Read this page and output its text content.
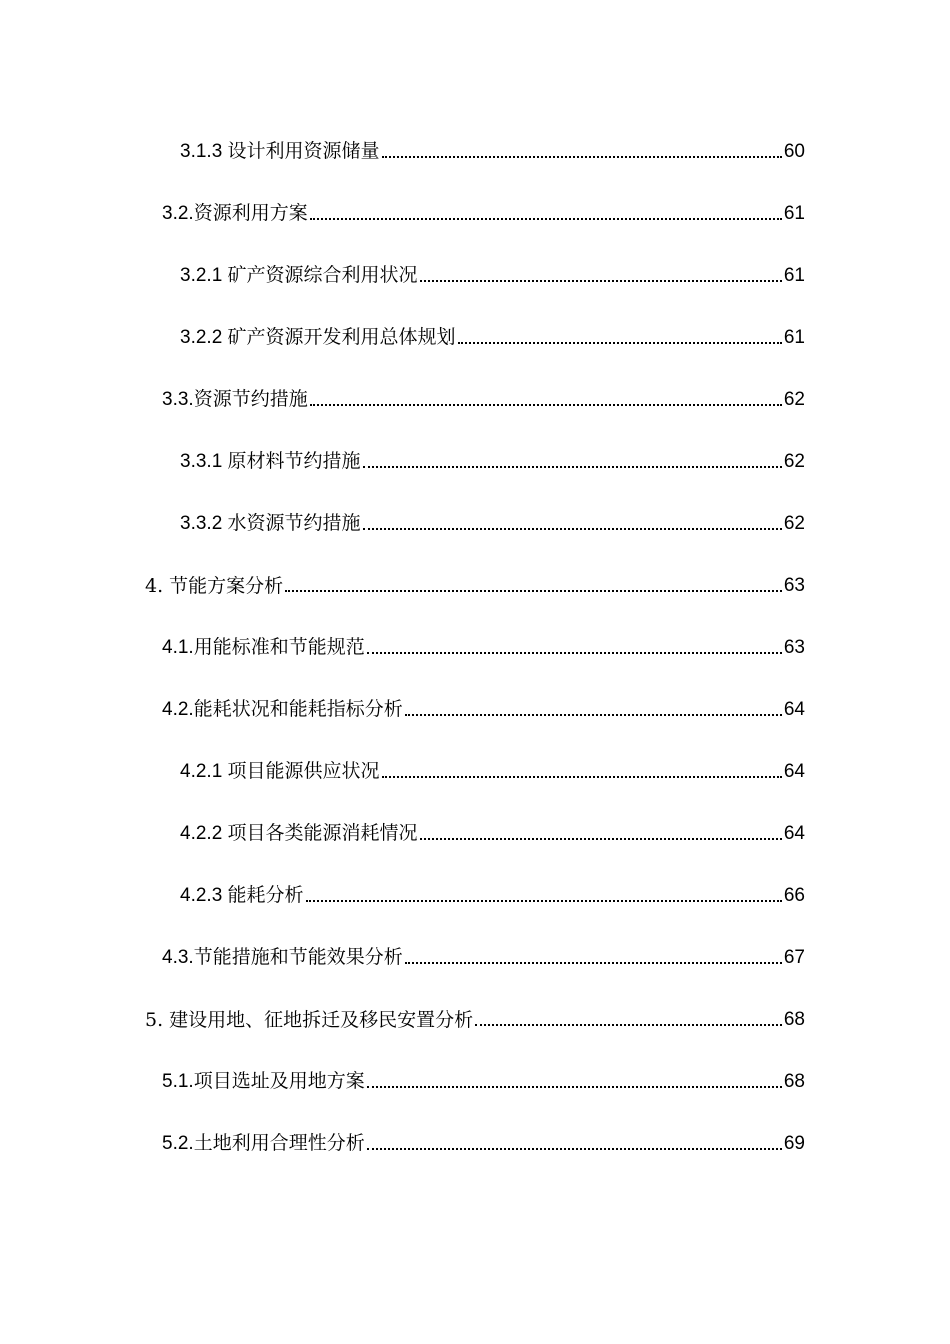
3.1.3 设计利用资源储量	60
3.2.资源利用方案	61
3.2.1 矿产资源综合利用状况	61
3.2.2 矿产资源开发利用总体规划	61
3.3.资源节约措施	62
3.3.1 原材料节约措施	62
3.3.2 水资源节约措施	62
4. 节能方案分析	63
4.1.用能标准和节能规范	63
4.2.能耗状况和能耗指标分析	64
4.2.1 项目能源供应状况	64
4.2.2 项目各类能源消耗情况	64
4.2.3 能耗分析	66
4.3.节能措施和节能效果分析	67
5. 建设用地、征地拆迁及移民安置分析	68
5.1.项目选址及用地方案	68
5.2.土地利用合理性分析	69
